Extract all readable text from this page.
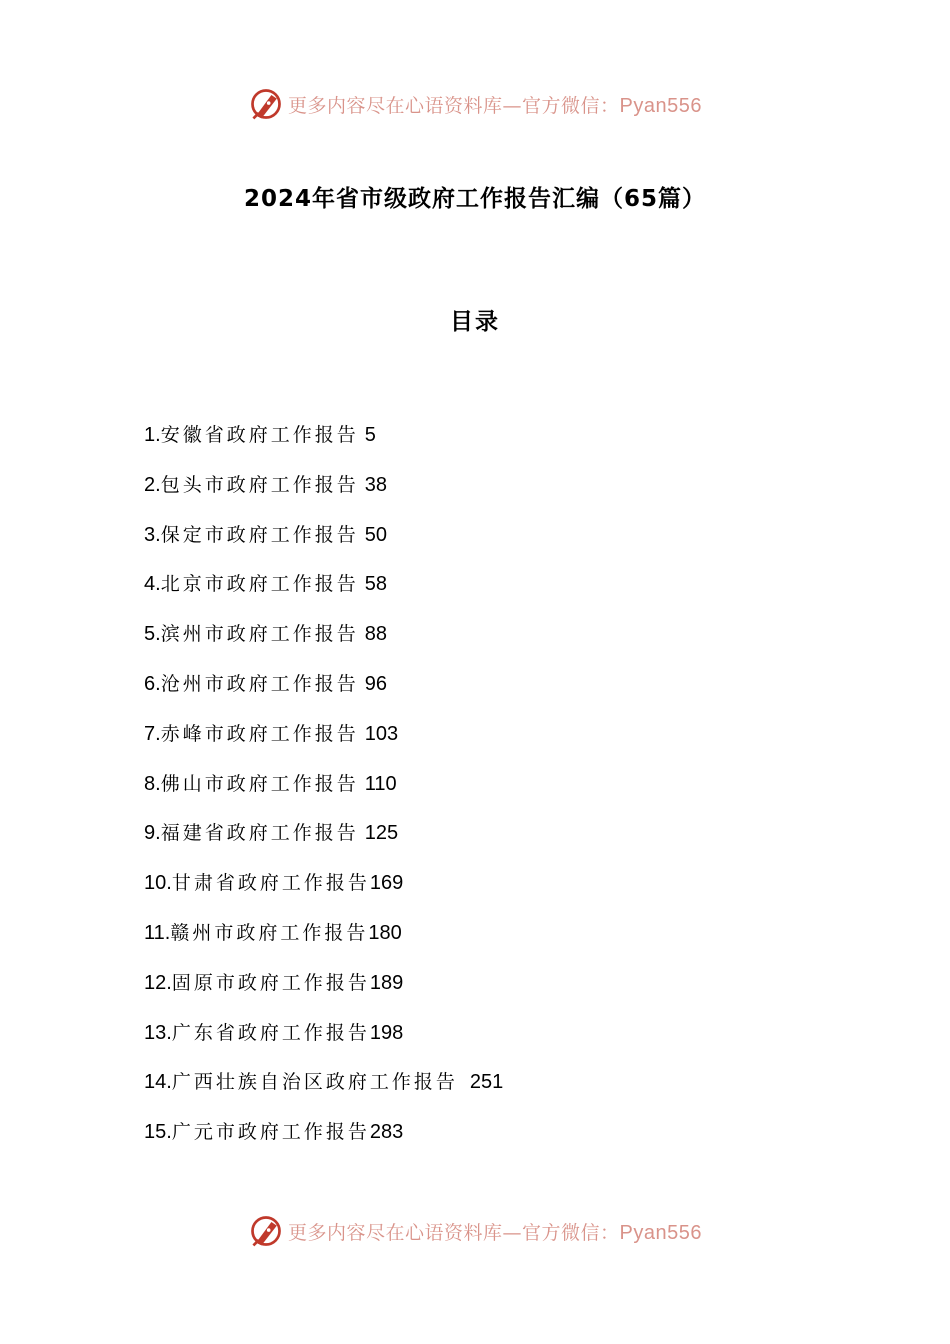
更多内容尽在心语资料库—官方微信：Pyan556
2024年省市级政府工作报告汇编（65篇）
目录
1.安徽省政府工作报告 5
2.包头市政府工作报告 38
3.保定市政府工作报告 50
4.北京市政府工作报告 58
5.滨州市政府工作报告 88
6.沧州市政府工作报告 96
7.赤峰市政府工作报告 103
8.佛山市政府工作报告 110
9.福建省政府工作报告 125
10.甘肃省政府工作报告169
11.赣州市政府工作报告180
12.固原市政府工作报告189
13.广东省政府工作报告198
14.广西壮族自治区政府工作报告 251
15.广元市政府工作报告283
更多内容尽在心语资料库—官方微信：Pyan556
